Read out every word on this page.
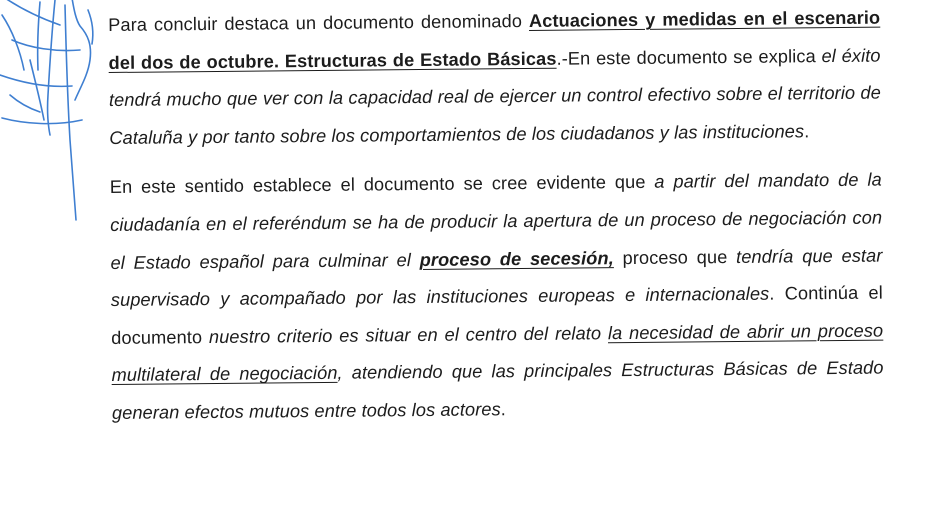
Para concluir destaca un documento denominado Actuaciones y medidas en el escenario del dos de octubre. Estructuras de Estado Básicas.-En este documento se explica el éxito tendrá mucho que ver con la capacidad real de ejercer un control efectivo sobre el territorio de Cataluña y por tanto sobre los comportamientos de los ciudadanos y las instituciones.

En este sentido establece el documento se cree evidente que a partir del mandato de la ciudadanía en el referéndum se ha de producir la apertura de un proceso de negociación con el Estado español para culminar el proceso de secesión, proceso que tendría que estar supervisado y acompañado por las instituciones europeas e internacionales. Continúa el documento nuestro criterio es situar en el centro del relato la necesidad de abrir un proceso multilateral de negociación, atendiendo que las principales Estructuras Básicas de Estado generan efectos mutuos entre todos los actores.
